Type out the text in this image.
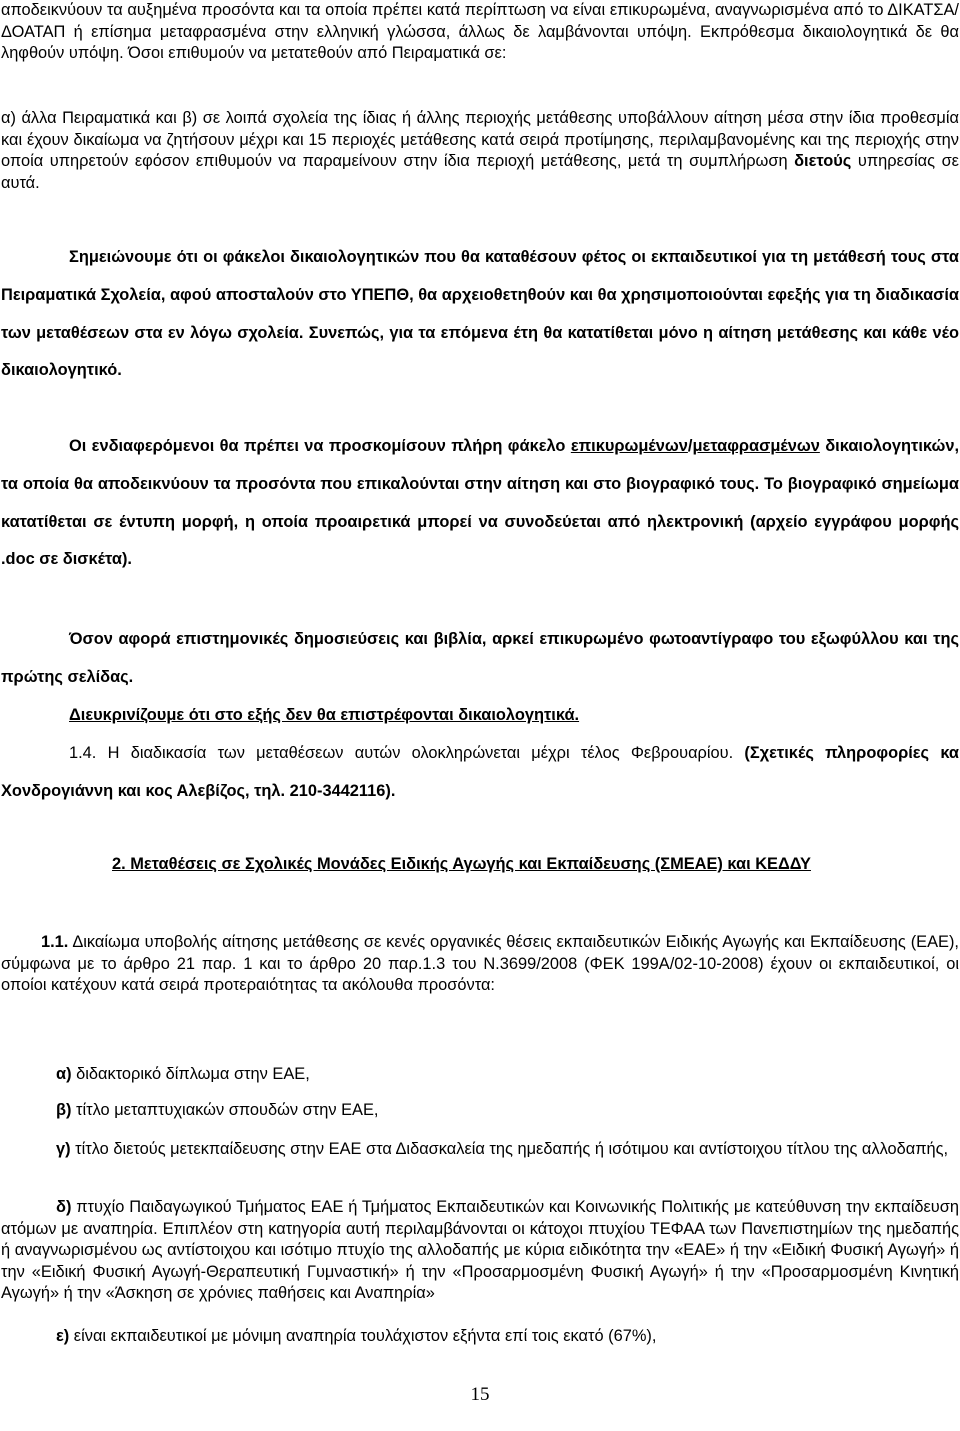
αποδεικνύουν τα αυξημένα προσόντα και τα οποία πρέπει κατά περίπτωση να είναι επικυρωμένα, αναγνωρισμένα από το ΔΙΚΑΤΣΑ/ΔΟΑΤΑΠ ή επίσημα μεταφρασμένα στην ελληνική γλώσσα, άλλως δε λαμβάνονται υπόψη. Εκπρόθεσμα δικαιολογητικά δε θα ληφθούν υπόψη. Όσοι επιθυμούν να μετατεθούν από Πειραματικά σε:

α) άλλα Πειραματικά και β) σε λοιπά σχολεία της ίδιας ή άλλης περιοχής μετάθεσης υποβάλλουν αίτηση μέσα στην ίδια προθεσμία και έχουν δικαίωμα να ζητήσουν μέχρι και 15 περιοχές μετάθεσης κατά σειρά προτίμησης, περιλαμβανομένης και της περιοχής στην οποία υπηρετούν εφόσον επιθυμούν να παραμείνουν στην ίδια περιοχή μετάθεσης, μετά τη συμπλήρωση διετούς υπηρεσίας σε αυτά.

Σημειώνουμε ότι οι φάκελοι δικαιολογητικών που θα καταθέσουν φέτος οι εκπαιδευτικοί για τη μετάθεσή τους στα Πειραματικά Σχολεία, αφού αποσταλούν στο ΥΠΕΠΘ, θα αρχειοθετηθούν και θα χρησιμοποιούνται εφεξής για τη διαδικασία των μεταθέσεων στα εν λόγω σχολεία. Συνεπώς, για τα επόμενα έτη θα κατατίθεται μόνο η αίτηση μετάθεσης και κάθε νέο δικαιολογητικό.

Οι ενδιαφερόμενοι θα πρέπει να προσκομίσουν πλήρη φάκελο επικυρωμένων/μεταφρασμένων δικαιολογητικών, τα οποία θα αποδεικνύουν τα προσόντα που επικαλούνται στην αίτηση και στο βιογραφικό τους. Το βιογραφικό σημείωμα κατατίθεται σε έντυπη μορφή, η οποία προαιρετικά μπορεί να συνοδεύεται από ηλεκτρονική (αρχείο εγγράφου μορφής .doc σε δισκέτα).

Όσον αφορά επιστημονικές δημοσιεύσεις και βιβλία, αρκεί επικυρωμένο φωτοαντίγραφο του εξωφύλλου και της πρώτης σελίδας.

Διευκρινίζουμε ότι στο εξής δεν θα επιστρέφονται δικαιολογητικά.

1.4. Η διαδικασία των μεταθέσεων αυτών ολοκληρώνεται μέχρι τέλος Φεβρουαρίου. (Σχετικές πληροφορίες κα Χονδρογιάννη και κος Αλεβίζος, τηλ. 210-3442116).

2. Μεταθέσεις σε Σχολικές Μονάδες Ειδικής Αγωγής και Εκπαίδευσης (ΣΜΕΑΕ) και ΚΕΔΔΥ

1.1. Δικαίωμα υποβολής αίτησης μετάθεσης σε κενές οργανικές θέσεις εκπαιδευτικών Ειδικής Αγωγής και Εκπαίδευσης (ΕΑΕ), σύμφωνα με το άρθρο 21 παρ. 1 και το άρθρο 20 παρ.1.3 του Ν.3699/2008 (ΦΕΚ 199Α/02-10-2008) έχουν οι εκπαιδευτικοί, οι οποίοι κατέχουν κατά σειρά προτεραιότητας τα ακόλουθα προσόντα:

α) διδακτορικό δίπλωμα στην ΕΑΕ,

β) τίτλο μεταπτυχιακών σπουδών στην ΕΑΕ,

γ) τίτλο διετούς μετεκπαίδευσης στην ΕΑΕ στα Διδασκαλεία της ημεδαπής ή ισότιμου και αντίστοιχου τίτλου της αλλοδαπής,

δ) πτυχίο Παιδαγωγικού Τμήματος ΕΑΕ ή Τμήματος Εκπαιδευτικών και Κοινωνικής Πολιτικής με κατεύθυνση την εκπαίδευση ατόμων με αναπηρία. Επιπλέον στη κατηγορία αυτή περιλαμβάνονται οι κάτοχοι πτυχίου ΤΕΦΑΑ των Πανεπιστημίων της ημεδαπής ή αναγνωρισμένου ως αντίστοιχου και ισότιμο πτυχίο της αλλοδαπής με κύρια ειδικότητα την «ΕΑΕ» ή την «Ειδική Φυσική Αγωγή» ή την «Ειδική Φυσική Αγωγή-Θεραπευτική Γυμναστική» ή την «Προσαρμοσμένη Φυσική Αγωγή» ή την «Προσαρμοσμένη Κινητική Αγωγή» ή την «Άσκηση σε χρόνιες παθήσεις και Αναπηρία»

ε) είναι εκπαιδευτικοί με μόνιμη αναπηρία τουλάχιστον εξήντα επί τοις εκατό (67%),

15
